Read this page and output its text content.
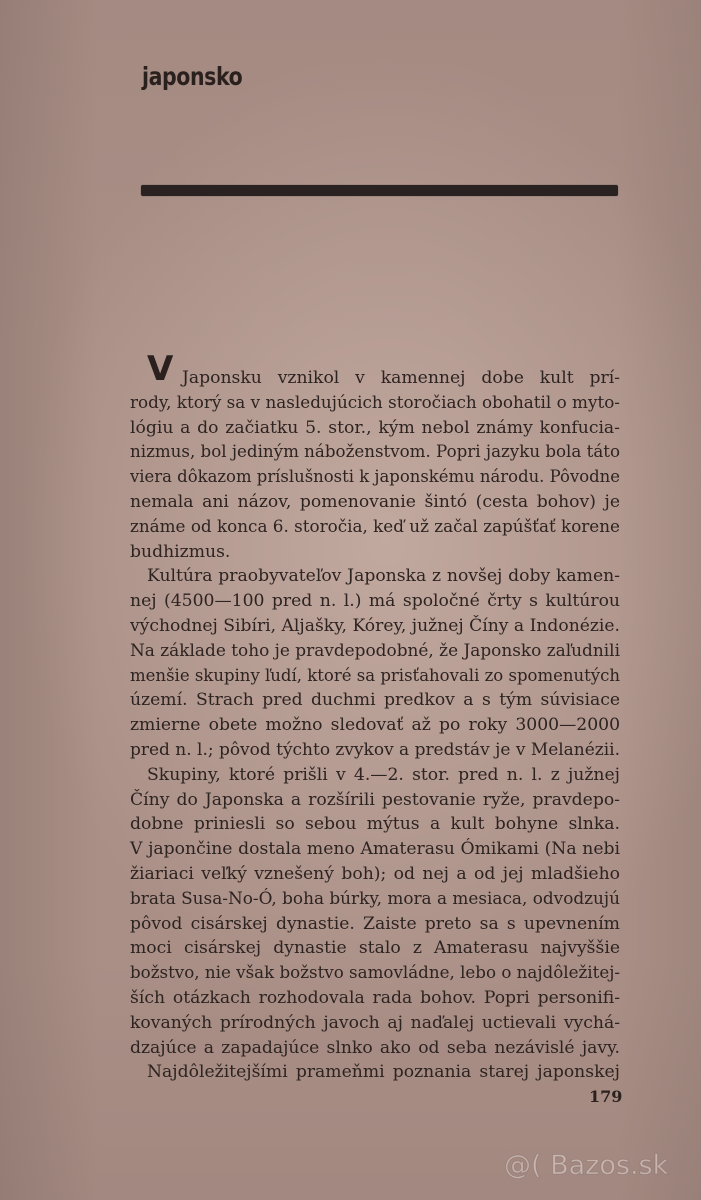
japonsko
V Japonsku vznikol v kamennej dobe kult prí-
rody, ktorý sa v nasledujúcich storočiach obohatil o myto-
lógiu a do začiatku 5. stor., kým nebol známy konfucia-
nizmus, bol jediným náboženstvom. Popri jazyku bola táto
viera dôkazom príslušnosti k japonskému národu. Pôvodne
nemala ani názov, pomenovanie šintó (cesta bohov) je
známe od konca 6. storočia, keď už začal zapúšťať korene
budhizmus.
Kultúra praobyvateľov Japonska z novšej doby kamen-
nej (4500—100 pred n. l.) má spoločné črty s kultúrou
východnej Sibíri, Aljašky, Kórey, južnej Číny a Indonézie.
Na základe toho je pravdepodobné, že Japonsko zaľudnili
menšie skupiny ľudí, ktoré sa prisťahovali zo spomenutých
území. Strach pred duchmi predkov a s tým súvisiace
zmierne obete možno sledovať až po roky 3000—2000
pred n. l.; pôvod týchto zvykov a predstáv je v Melanézii.
Skupiny, ktoré prišli v 4.—2. stor. pred n. l. z južnej
Číny do Japonska a rozšírili pestovanie ryže, pravdepo-
dobne priniesli so sebou mýtus a kult bohyne slnka.
V japončine dostala meno Amaterasu Ómikami (Na nebi
žiariaci veľký vznešený boh); od nej a od jej mladšieho
brata Susa-No-Ó, boha búrky, mora a mesiaca, odvodzujú
pôvod cisárskej dynastie. Zaiste preto sa s upevnením
moci cisárskej dynastie stalo z Amaterasu najvyššie
božstvo, nie však božstvo samovládne, lebo o najdôležitej-
ších otázkach rozhodovala rada bohov. Popri personifi-
kovaných prírodných javoch aj naďalej uctievali vychá-
dzajúce a zapadajúce slnko ako od seba nezávislé javy.
Najdôležitejšími prameňmi poznania starej japonskej
179
@( Bazos.sk
